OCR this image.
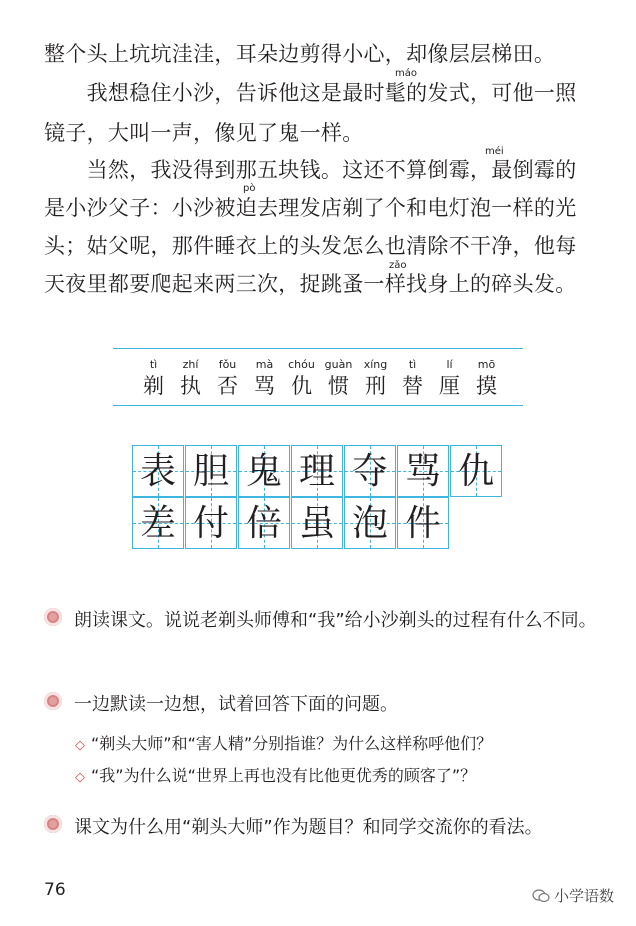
整个头上坑坑洼洼，耳朵边剪得小心，却像层层梯田。
　　我想稳住小沙，告诉他这是最时髦的发式，可他一照
镜子，大叫一声，像见了鬼一样。
　　当然，我没得到那五块钱。这还不算倒霉，最倒霉的
是小沙父子：小沙被迫去理发店剃了个和电灯泡一样的光
头；姑父呢，那件睡衣上的头发怎么也清除不干净，他每
天夜里都要爬起来两三次，捉跳蚤一样找身上的碎头发。
máo
méi
pò
zǎo
tì
剃
zhí
执
fǒu
否
mà
骂
chóu
仇
guàn
惯
xíng
刑
tì
替
lí
厘
mō
摸
表 胆 鬼 理 夺 骂 仇
差 付 倍 虽 泡 件
朗读课文。说说老剃头师傅和“我”给小沙剃头的过程有什么不同。
一边默读一边想，试着回答下面的问题。
◇ “剃头大师”和“害人精”分别指谁？为什么这样称呼他们？
◇ “我”为什么说“世界上再也没有比他更优秀的顾客了”？
课文为什么用“剃头大师”作为题目？和同学交流你的看法。
76	小学语数
